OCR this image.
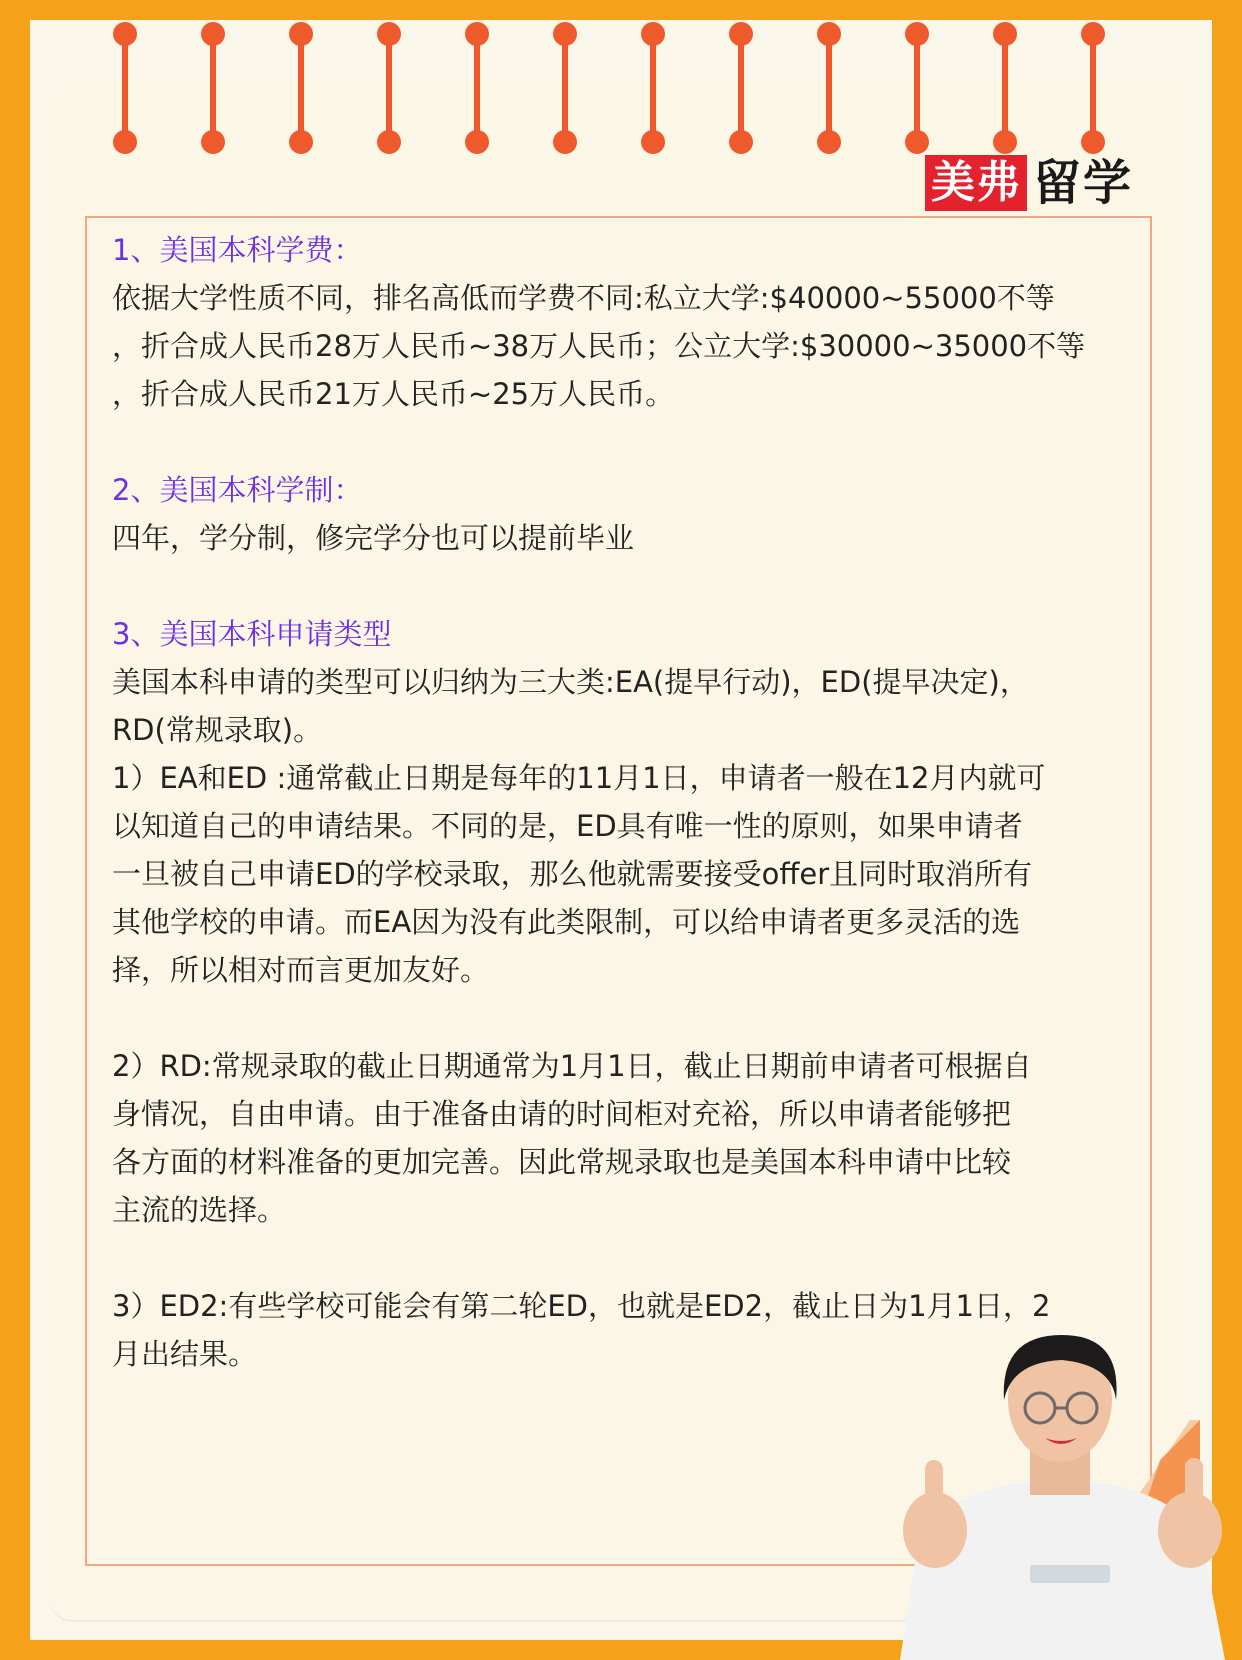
美弗 留学

1、美国本科学费：

依据大学性质不同，排名高低而学费不同:私立大学:$40000~55000不等

，折合成人民币28万人民币~38万人民币；公立大学:$30000~35000不等

，折合成人民币21万人民币~25万人民币。

2、美国本科学制：

四年，学分制，修完学分也可以提前毕业

3、美国本科申请类型

美国本科申请的类型可以归纳为三大类:EA(提早行动)，ED(提早决定)，

RD(常规录取)。

1）EA和ED :通常截止日期是每年的11月1日，申请者一般在12月内就可

以知道自己的申请结果。不同的是，ED具有唯一性的原则，如果申请者

一旦被自己申请ED的学校录取，那么他就需要接受offer且同时取消所有

其他学校的申请。而EA因为没有此类限制，可以给申请者更多灵活的选

择，所以相对而言更加友好。

2）RD:常规录取的截止日期通常为1月1日，截止日期前申请者可根据自

身情况，自由申请。由于准备由请的时间柜对充裕，所以申请者能够把

各方面的材料准备的更加完善。因此常规录取也是美国本科申请中比较

主流的选择。

3）ED2:有些学校可能会有第二轮ED，也就是ED2，截止日为1月1日，2

月出结果。
